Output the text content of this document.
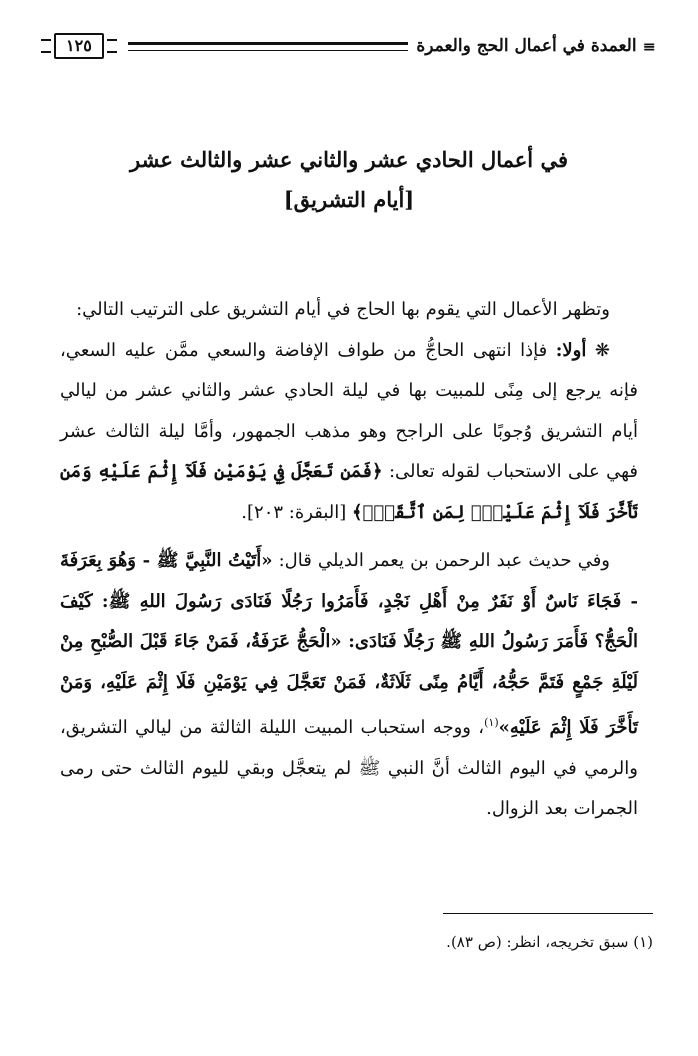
≡
العمدة في أعمال الحج والعمرة
١٢٥
في أعمال الحادي عشر والثاني عشر والثالث عشر
[أيام التشريق]

وتظهر الأعمال التي يقوم بها الحاج في أيام التشريق على الترتيب التالي:

❋ أولا: فإذا انتهى الحاجُّ من طواف الإفاضة والسعي ممَّن عليه السعي، فإنه يرجع إلى مِنًى للمبيت بها في ليلة الحادي عشر والثاني عشر من ليالي أيام التشريق وُجوبًا على الراجح وهو مذهب الجمهور، وأمَّا ليلة الثالث عشر فهي على الاستحباب لقوله تعالى: ﴿فَمَن تَعَجَّلَ فِي يَوْمَيْنِ فَلَآ إِثْمَ عَلَيْهِ وَمَن تَأَخَّرَ فَلَآ إِثْمَ عَلَيْهِۚ لِمَنِ ٱتَّقَىٰۗ﴾ [البقرة: ٢٠٣].

وفي حديث عبد الرحمن بن يعمر الديلي قال: «أَتَيْتُ النَّبِيَّ ﷺ - وَهُوَ بِعَرَفَةَ - فَجَاءَ نَاسٌ أَوْ نَفَرٌ مِنْ أَهْلِ نَجْدٍ، فَأَمَرُوا رَجُلًا فَنَادَى رَسُولَ اللهِ ﷺ: كَيْفَ الْحَجُّ؟ فَأَمَرَ رَسُولُ اللهِ ﷺ رَجُلًا فَنَادَى: «الْحَجُّ عَرَفَةُ، فَمَنْ جَاءَ قَبْلَ الصُّبْحِ مِنْ لَيْلَةِ جَمْعٍ فَتَمَّ حَجُّهُ، أَيَّامُ مِنًى ثَلَاثَةٌ، فَمَنْ تَعَجَّلَ فِي يَوْمَيْنِ فَلَا إِثْمَ عَلَيْهِ، وَمَنْ تَأَخَّرَ فَلَا إِثْمَ عَلَيْهِ»$^{(١)}$، ووجه استحباب المبيت الليلة الثالثة من ليالي التشريق، والرمي في اليوم الثالث أنَّ النبي ﷺ لم يتعجَّل وبقي لليوم الثالث حتى رمى الجمرات بعد الزوال.

(١) سبق تخريجه، انظر: (ص ٨٣).
